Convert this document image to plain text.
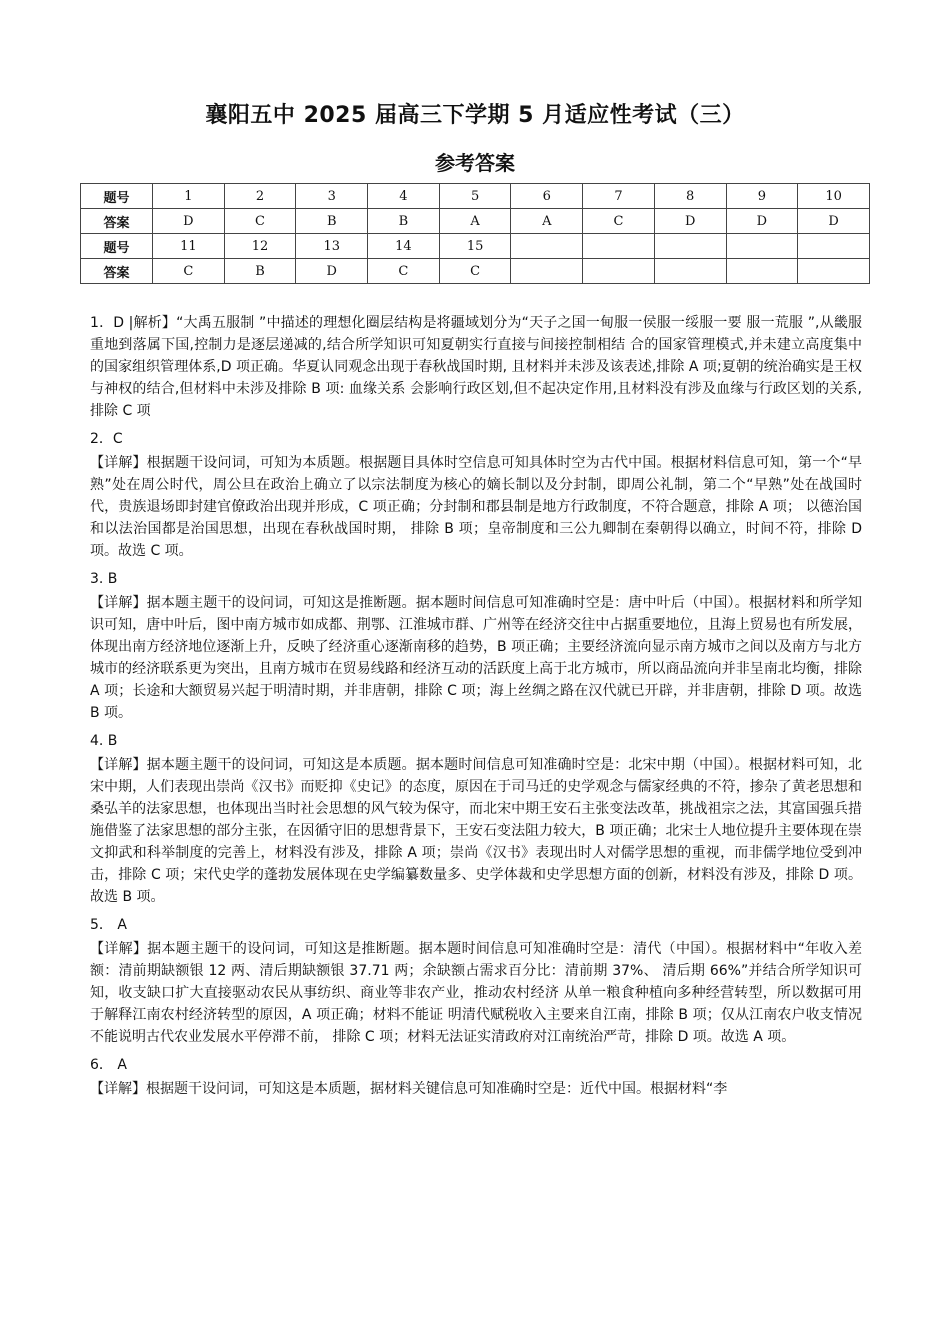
襄阳五中 2025 届高三下学期 5 月适应性考试（三）
参考答案
题号	1	2	3	4	5	6	7	8	9	10
答案	D	C	B	B	A	A	C	D	D	D
题号	11	12	13	14	15					
答案	C	B	D	C	C					

1．D |解析】“大禹五服制 ”中描述的理想化圈层结构是将疆域划分为“天子之国一甸服一侯服一绥服一要 服一荒服 ”,从畿服重地到落属下国,控制力是逐层递减的,结合所学知识可知夏朝实行直接与间接控制相结 合的国家管理模式,并未建立高度集中的国家组织管理体系,D 项正确。华夏认同观念出现于春秋战国时期, 且材料并未涉及该表述,排除 A 项;夏朝的统治确实是王权与神权的结合,但材料中未涉及排除 B 项: 血缘关系 会影响行政区划,但不起决定作用,且材料没有涉及血缘与行政区划的关系,排除 C 项

2．C

【详解】根据题干设问词，可知为本质题。根据题目具体时空信息可知具体时空为古代中国。根据材料信息可知，第一个“早熟”处在周公时代，周公旦在政治上确立了以宗法制度为核心的嫡长制以及分封制，即周公礼制，第二个“早熟”处在战国时代，贵族退场即封建官僚政治出现并形成，C 项正确；分封制和郡县制是地方行政制度，不符合题意，排除 A 项； 以德治国和以法治国都是治国思想，出现在春秋战国时期， 排除 B 项；皇帝制度和三公九卿制在秦朝得以确立，时间不符，排除 D 项。故选 C 项。

3. B

【详解】据本题主题干的设问词，可知这是推断题。据本题时间信息可知准确时空是：唐中叶后（中国）。根据材料和所学知识可知，唐中叶后，图中南方城市如成都、荆鄂、江淮城市群、广州等在经济交往中占据重要地位，且海上贸易也有所发展，体现出南方经济地位逐渐上升，反映了经济重心逐渐南移的趋势，B 项正确；主要经济流向显示南方城市之间以及南方与北方城市的经济联系更为突出，且南方城市在贸易线路和经济互动的活跃度上高于北方城市，所以商品流向并非呈南北均衡，排除 A 项；长途和大额贸易兴起于明清时期，并非唐朝，排除 C 项；海上丝绸之路在汉代就已开辟，并非唐朝，排除 D 项。故选 B 项。

4. B

【详解】据本题主题干的设问词，可知这是本质题。据本题时间信息可知准确时空是：北宋中期（中国）。根据材料可知，北宋中期，人们表现出崇尚《汉书》而贬抑《史记》的态度，原因在于司马迁的史学观念与儒家经典的不符，掺杂了黄老思想和桑弘羊的法家思想，也体现出当时社会思想的风气较为保守，而北宋中期王安石主张变法改革，挑战祖宗之法，其富国强兵措施借鉴了法家思想的部分主张，在因循守旧的思想背景下，王安石变法阻力较大，B 项正确；北宋士人地位提升主要体现在崇文抑武和科举制度的完善上，材料没有涉及，排除 A 项；崇尚《汉书》表现出时人对儒学思想的重视，而非儒学地位受到冲击，排除 C 项；宋代史学的蓬勃发展体现在史学编纂数量多、史学体裁和史学思想方面的创新，材料没有涉及，排除 D 项。故选 B 项。

5． A

【详解】据本题主题干的设问词，可知这是推断题。据本题时间信息可知准确时空是：清代（中国）。根据材料中“年收入差额：清前期缺额银 12 两、清后期缺额银 37.71 两；余缺额占需求百分比：清前期 37%、 清后期 66%”并结合所学知识可知，收支缺口扩大直接驱动农民从事纺织、商业等非农产业，推动农村经济 从单一粮食种植向多种经营转型，所以数据可用于解释江南农村经济转型的原因，A 项正确；材料不能证 明清代赋税收入主要来自江南，排除 B 项；仅从江南农户收支情况不能说明古代农业发展水平停滞不前， 排除 C 项；材料无法证实清政府对江南统治严苛，排除 D 项。故选 A 项。

6． A

【详解】根据题干设问词，可知这是本质题，据材料关键信息可知准确时空是：近代中国。根据材料“李
